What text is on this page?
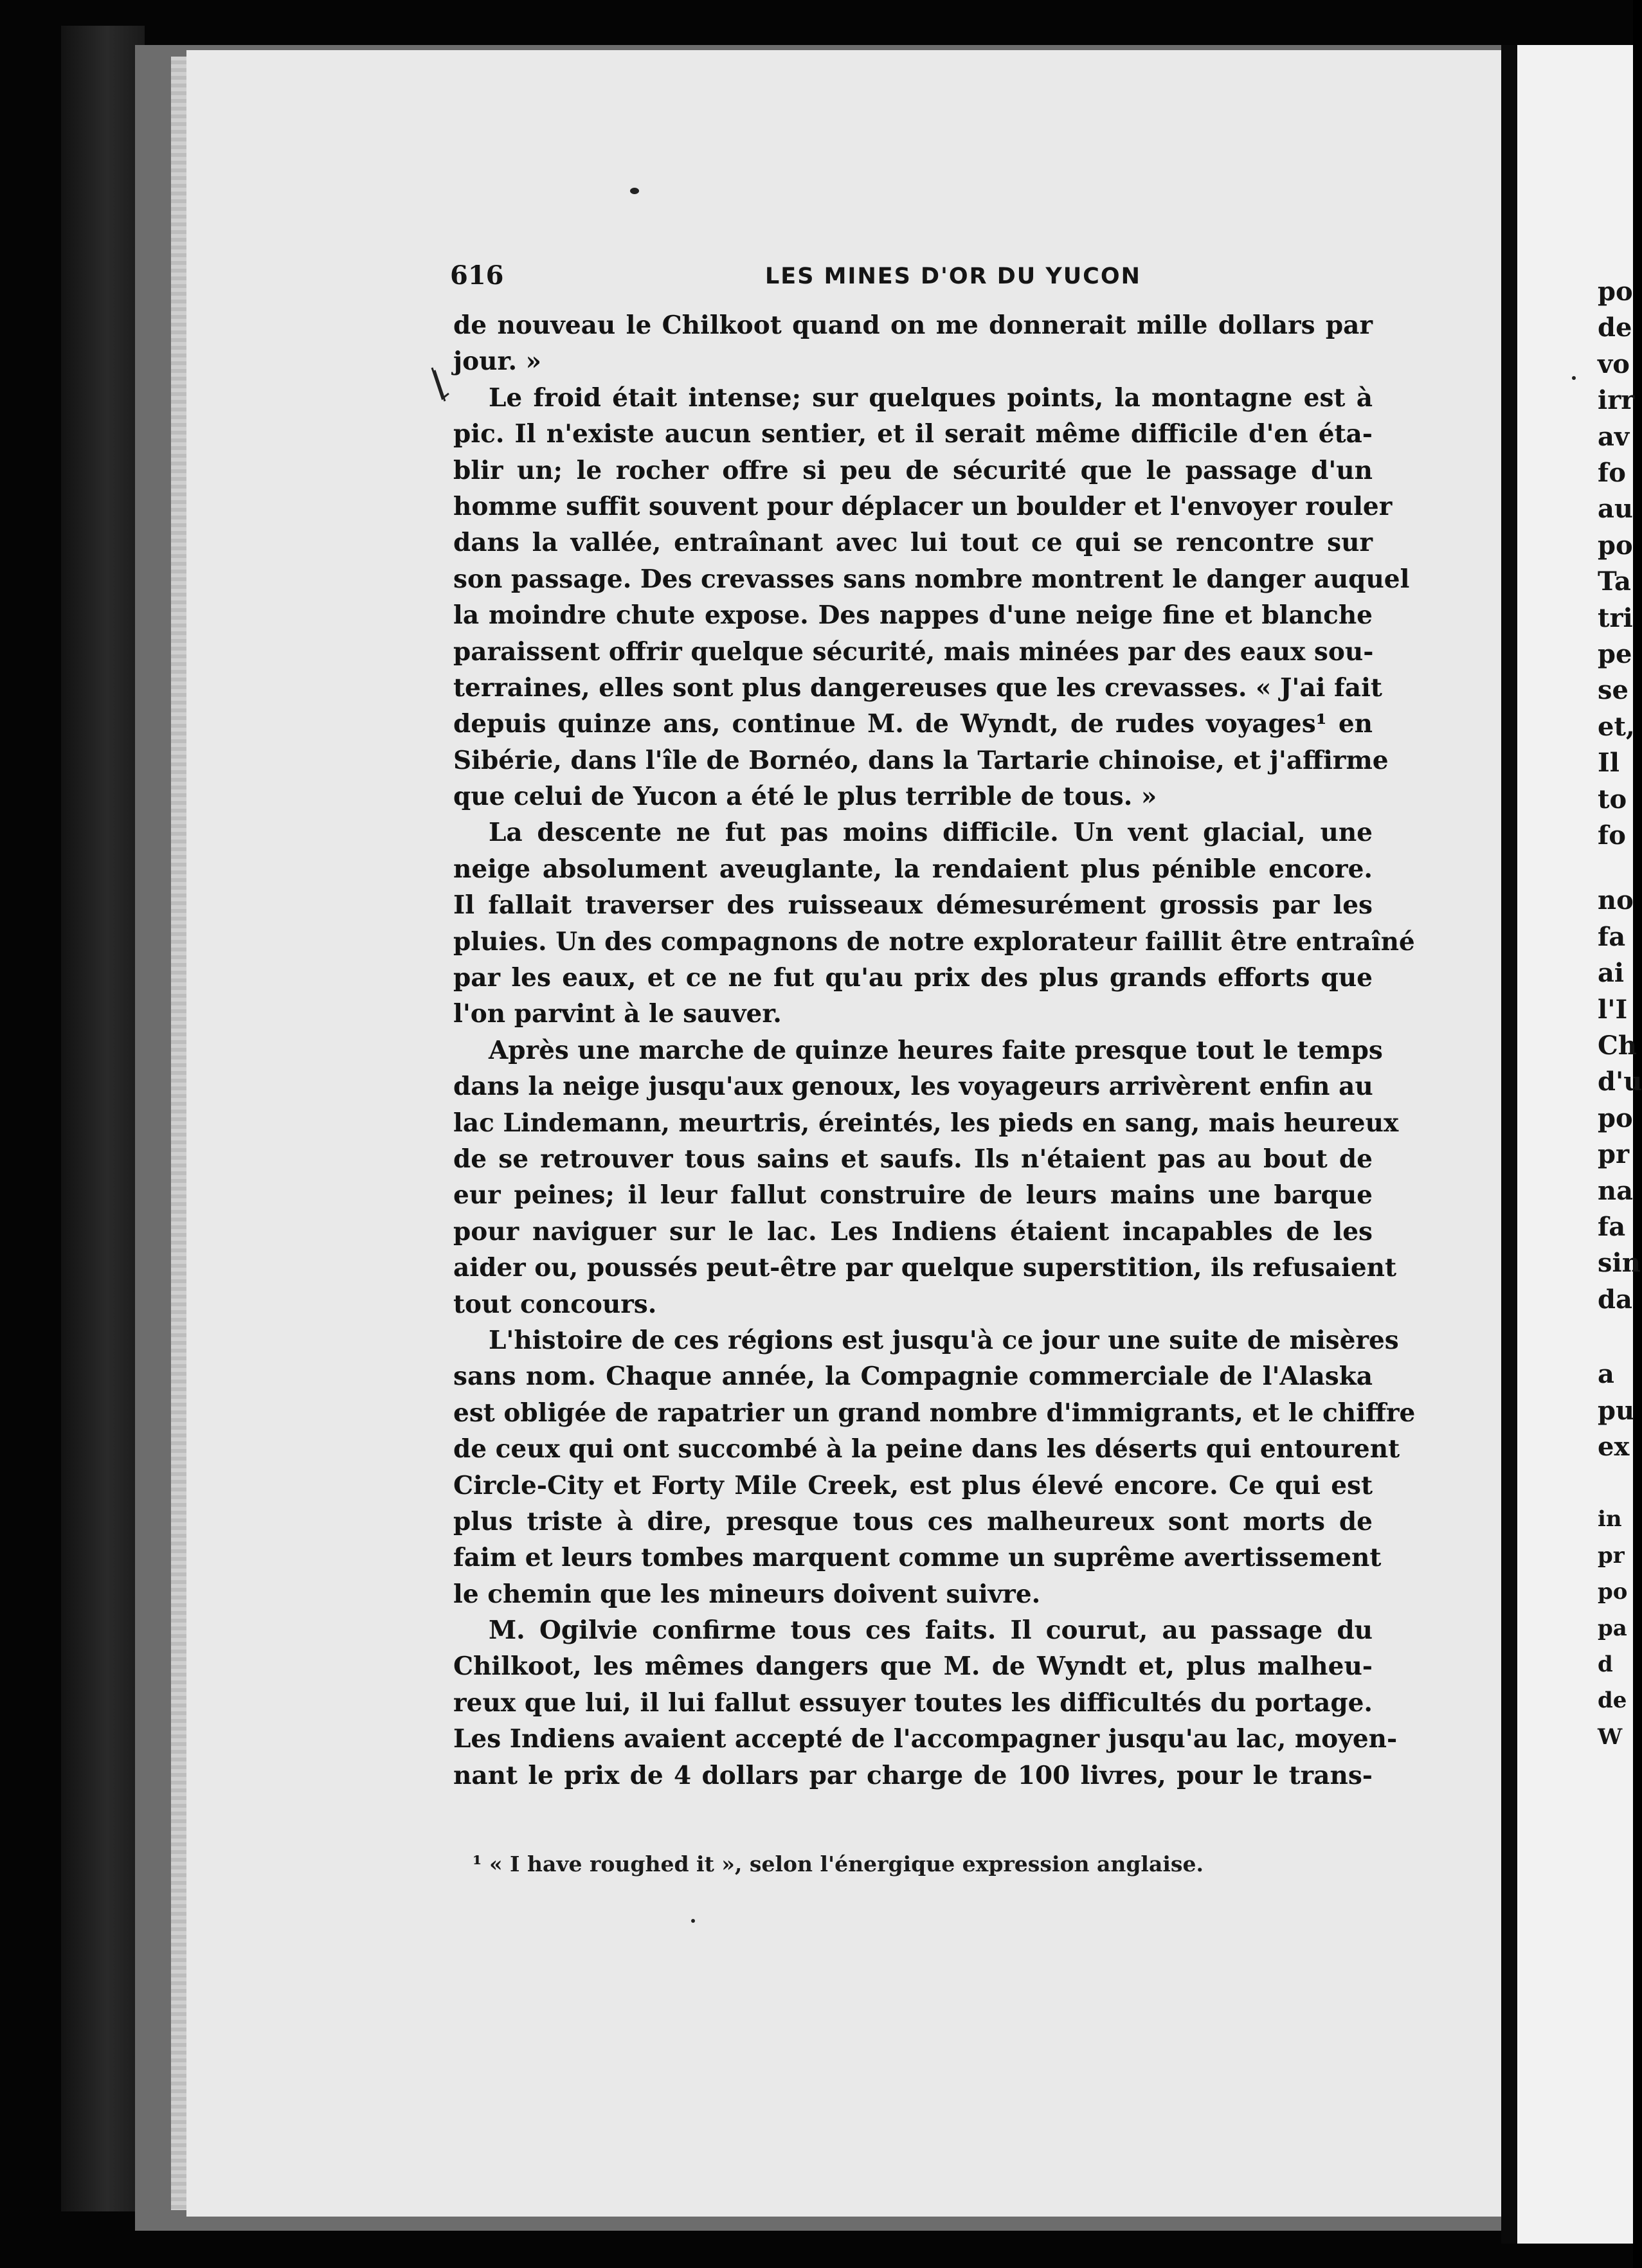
po
de
vo
irr
av
fo
au
po
Ta
tri
pe
se
et,
Il
to
fo
no
fa
ai
l'I
Ch
d'u
po
pr
na
fa
sin
da
a
pu
ex
in
pr
po
pa
d
de
W
616	LES MINES D'OR DU YUCON
de nouveau le Chilkoot quand on me donnerait mille dollars par
jour. »
Le froid était intense; sur quelques points, la montagne est à
pic. Il n'existe aucun sentier, et il serait même difficile d'en éta-
blir un; le rocher offre si peu de sécurité que le passage d'un
homme suffit souvent pour déplacer un boulder et l'envoyer rouler
dans la vallée, entraînant avec lui tout ce qui se rencontre sur
son passage. Des crevasses sans nombre montrent le danger auquel
la moindre chute expose. Des nappes d'une neige fine et blanche
paraissent offrir quelque sécurité, mais minées par des eaux sou-
terraines, elles sont plus dangereuses que les crevasses. « J'ai fait
depuis quinze ans, continue M. de Wyndt, de rudes voyages¹ en
Sibérie, dans l'île de Bornéo, dans la Tartarie chinoise, et j'affirme
que celui de Yucon a été le plus terrible de tous. »
La descente ne fut pas moins difficile. Un vent glacial, une
neige absolument aveuglante, la rendaient plus pénible encore.
Il fallait traverser des ruisseaux démesurément grossis par les
pluies. Un des compagnons de notre explorateur faillit être entraîné
par les eaux, et ce ne fut qu'au prix des plus grands efforts que
l'on parvint à le sauver.
Après une marche de quinze heures faite presque tout le temps
dans la neige jusqu'aux genoux, les voyageurs arrivèrent enfin au
lac Lindemann, meurtris, éreintés, les pieds en sang, mais heureux
de se retrouver tous sains et saufs. Ils n'étaient pas au bout de
eur peines; il leur fallut construire de leurs mains une barque
pour naviguer sur le lac. Les Indiens étaient incapables de les
aider ou, poussés peut-être par quelque superstition, ils refusaient
tout concours.
L'histoire de ces régions est jusqu'à ce jour une suite de misères
sans nom. Chaque année, la Compagnie commerciale de l'Alaska
est obligée de rapatrier un grand nombre d'immigrants, et le chiffre
de ceux qui ont succombé à la peine dans les déserts qui entourent
Circle-City et Forty Mile Creek, est plus élevé encore. Ce qui est
plus triste à dire, presque tous ces malheureux sont morts de
faim et leurs tombes marquent comme un suprême avertissement
le chemin que les mineurs doivent suivre.
M. Ogilvie confirme tous ces faits. Il courut, au passage du
Chilkoot, les mêmes dangers que M. de Wyndt et, plus malheu-
reux que lui, il lui fallut essuyer toutes les difficultés du portage.
Les Indiens avaient accepté de l'accompagner jusqu'au lac, moyen-
nant le prix de 4 dollars par charge de 100 livres, pour le trans-
¹ « I have roughed it », selon l'énergique expression anglaise.
